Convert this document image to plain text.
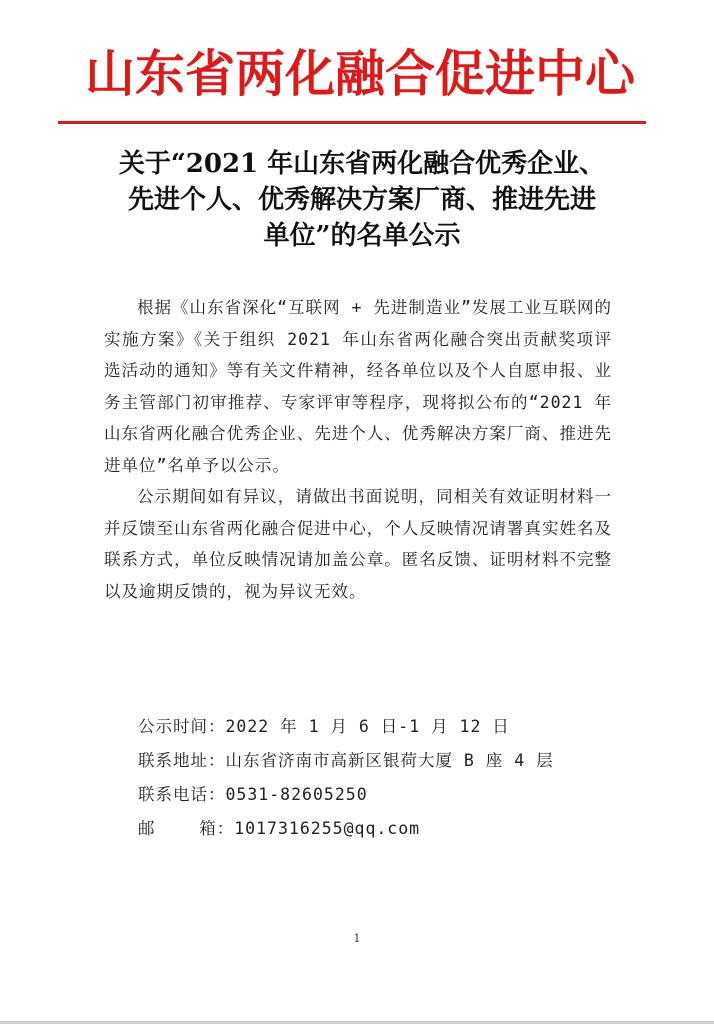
山东省两化融合促进中心
关于“2021 年山东省两化融合优秀企业、
先进个人、优秀解决方案厂商、推进先进
单位”的名单公示

根据《山东省深化“互联网 + 先进制造业”发展工业互联网的实施方案》《关于组织 2021 年山东省两化融合突出贡献奖项评选活动的通知》等有关文件精神，经各单位以及个人自愿申报、业务主管部门初审推荐、专家评审等程序，现将拟公布的“2021 年山东省两化融合优秀企业、先进个人、优秀解决方案厂商、推进先进单位”名单予以公示。

公示期间如有异议，请做出书面说明，同相关有效证明材料一并反馈至山东省两化融合促进中心，个人反映情况请署真实姓名及联系方式，单位反映情况请加盖公章。匿名反馈、证明材料不完整以及逾期反馈的，视为异议无效。

公示时间：2022 年 1 月 6 日-1 月 12 日
联系地址：山东省济南市高新区银荷大厦 B 座 4 层
联系电话：0531-82605250
邮    箱：1017316255@qq.com
1
